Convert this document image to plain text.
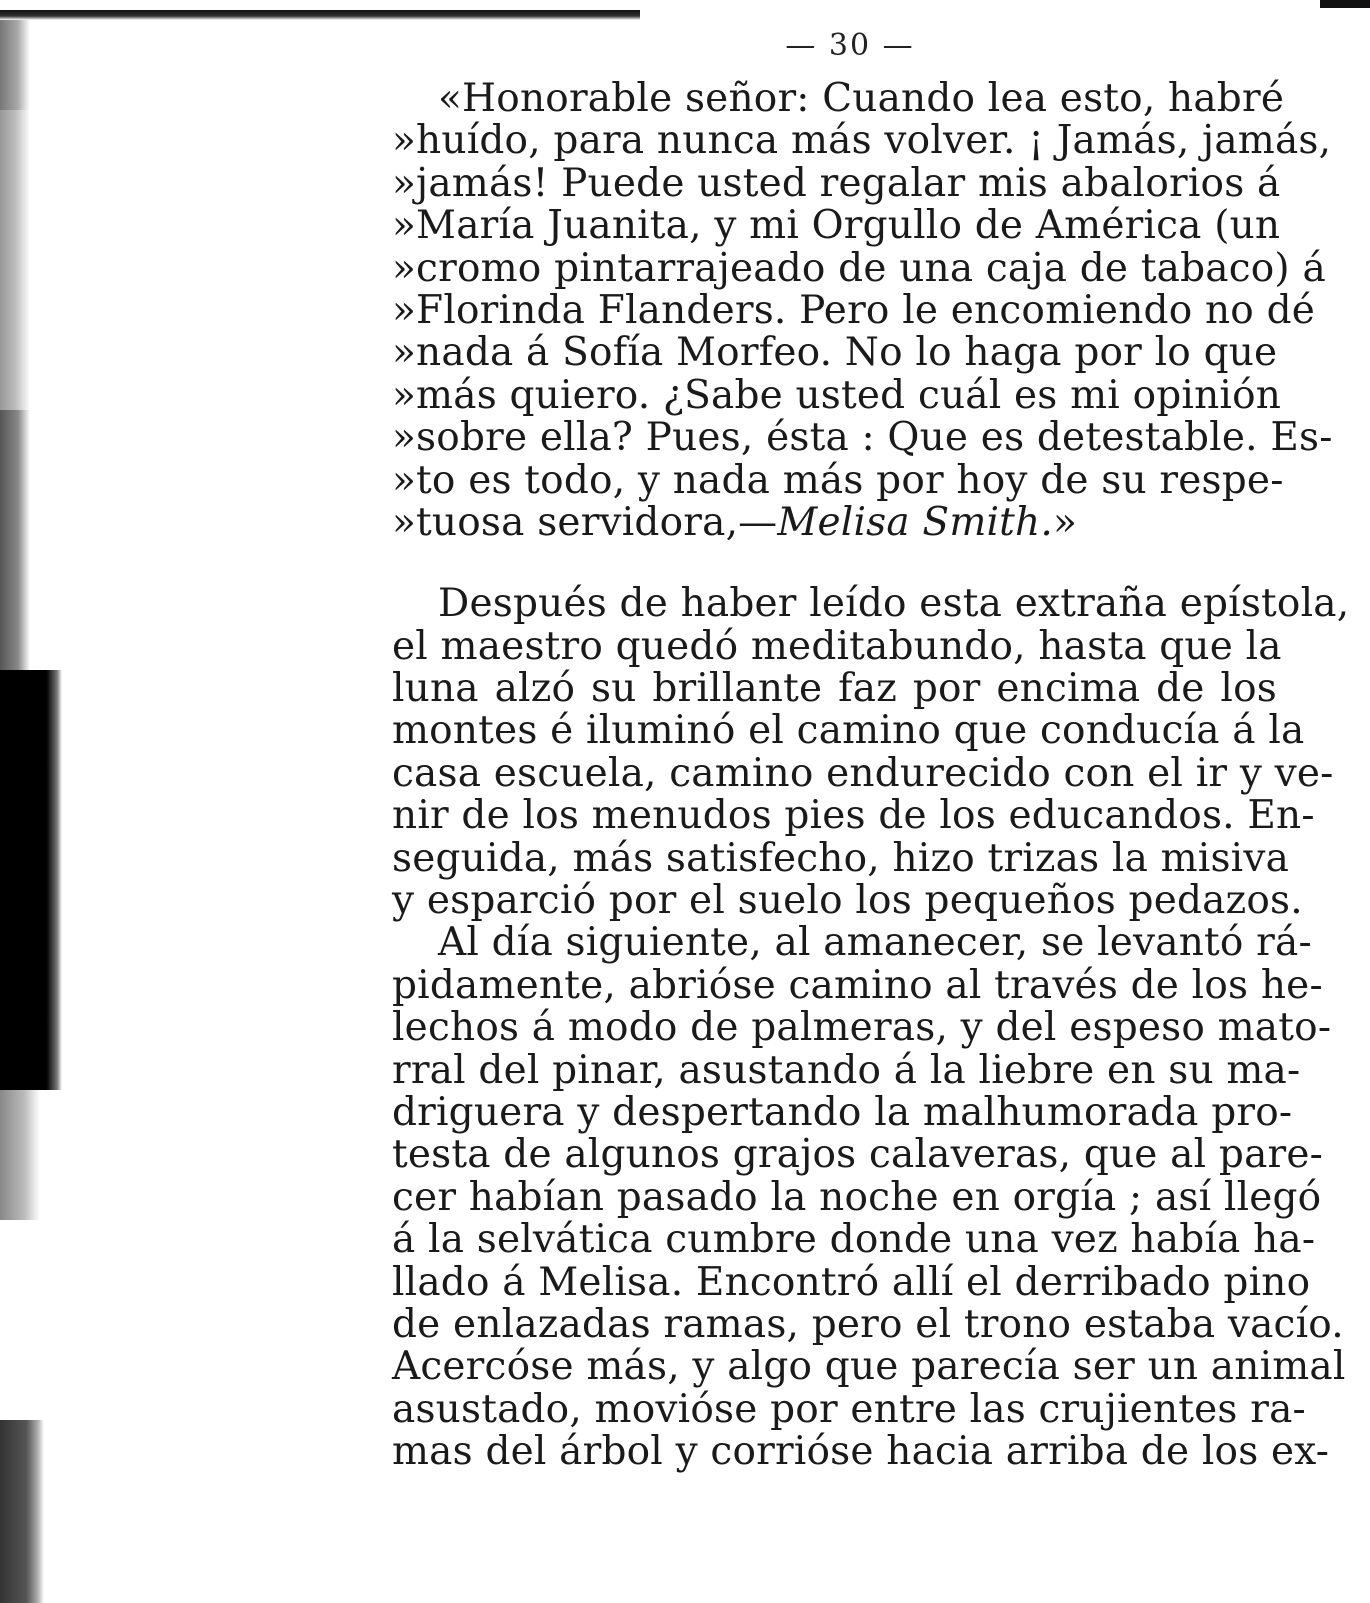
— 30 —
«Honorable señor: Cuando lea esto, habré
»huído, para nunca más volver. ¡ Jamás, jamás,
»jamás! Puede usted regalar mis abalorios á
»María Juanita, y mi Orgullo de América (un
»cromo pintarrajeado de una caja de tabaco) á
»Florinda Flanders. Pero le encomiendo no dé
»nada á Sofía Morfeo. No lo haga por lo que
»más quiero. ¿Sabe usted cuál es mi opinión
»sobre ella? Pues, ésta : Que es detestable. Es-
»to es todo, y nada más por hoy de su respe-
»tuosa servidora,—Melisa Smith.»
Después de haber leído esta extraña epístola,
el maestro quedó meditabundo, hasta que la
luna alzó su brillante faz por encima de los
montes é iluminó el camino que conducía á la
casa escuela, camino endurecido con el ir y ve-
nir de los menudos pies de los educandos. En-
seguida, más satisfecho, hizo trizas la misiva
y esparció por el suelo los pequeños pedazos.
Al día siguiente, al amanecer, se levantó rá-
pidamente, abrióse camino al través de los he-
lechos á modo de palmeras, y del espeso mato-
rral del pinar, asustando á la liebre en su ma-
driguera y despertando la malhumorada pro-
testa de algunos grajos calaveras, que al pare-
cer habían pasado la noche en orgía ; así llegó
á la selvática cumbre donde una vez había ha-
llado á Melisa. Encontró allí el derribado pino
de enlazadas ramas, pero el trono estaba vacío.
Acercóse más, y algo que parecía ser un animal
asustado, movióse por entre las crujientes ra-
mas del árbol y corrióse hacia arriba de los ex-
